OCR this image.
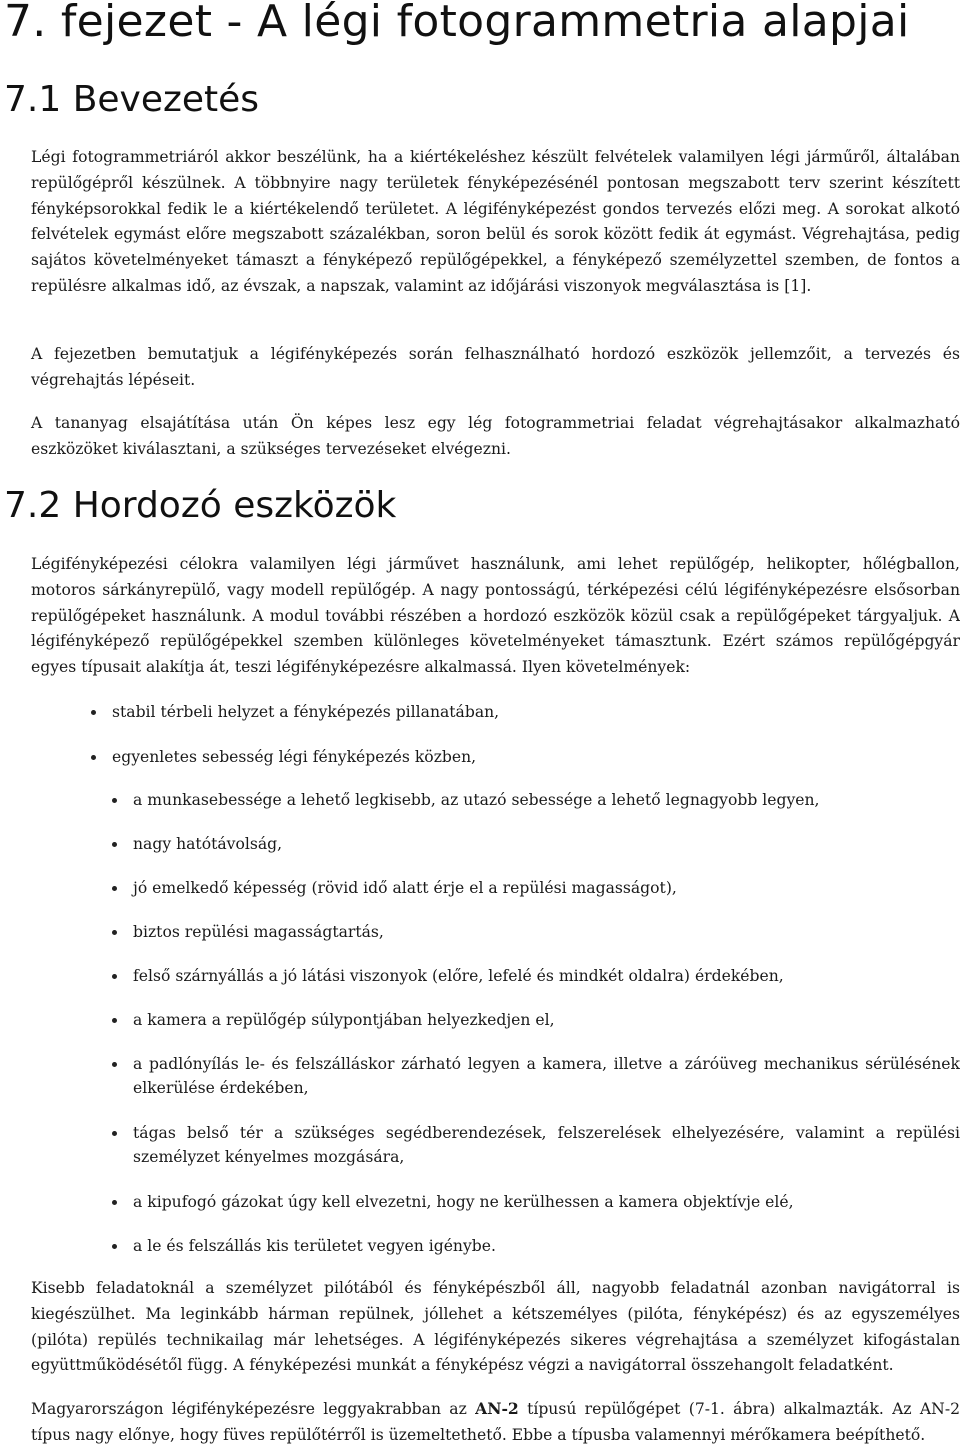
7. fejezet - A légi fotogrammetria alapjai
7.1 Bevezetés

Légi fotogrammetriáról akkor beszélünk, ha a kiértékeléshez készült felvételek valamilyen légi járműről, általában repülőgépről készülnek. A többnyire nagy területek fényképezésénél pontosan megszabott terv szerint készített fényképsorokkal fedik le a kiértékelendő területet. A légifényképezést gondos tervezés előzi meg. A sorokat alkotó felvételek egymást előre megszabott százalékban, soron belül és sorok között fedik át egymást. Végrehajtása, pedig sajátos követelményeket támaszt a fényképező repülőgépekkel, a fényképező személyzettel szemben, de fontos a repülésre alkalmas idő, az évszak, a napszak, valamint az időjárási viszonyok megválasztása is [1].

A fejezetben bemutatjuk a légifényképezés során felhasználható hordozó eszközök jellemzőit, a tervezés és végrehajtás lépéseit.

A tananyag elsajátítása után Ön képes lesz egy lég fotogrammetriai feladat végrehajtásakor alkalmazható eszközöket kiválasztani, a szükséges tervezéseket elvégezni.

7.2 Hordozó eszközök

Légifényképezési célokra valamilyen légi járművet használunk, ami lehet repülőgép, helikopter, hőlégballon, motoros sárkányrepülő, vagy modell repülőgép. A nagy pontosságú, térképezési célú légifényképezésre elsősorban repülőgépeket használunk. A modul további részében a hordozó eszközök közül csak a repülőgépeket tárgyaljuk. A légifényképező repülőgépekkel szemben különleges követelményeket támasztunk. Ezért számos repülőgépgyár egyes típusait alakítja át, teszi légifényképezésre alkalmassá. Ilyen követelmények:

stabil térbeli helyzet a fényképezés pillanatában,
egyenletes sebesség légi fényképezés közben,
a munkasebessége a lehető legkisebb, az utazó sebessége a lehető legnagyobb legyen,
nagy hatótávolság,
jó emelkedő képesség (rövid idő alatt érje el a repülési magasságot),
biztos repülési magasságtartás,
felső szárnyállás a jó látási viszonyok (előre, lefelé és mindkét oldalra) érdekében,
a kamera a repülőgép súlypontjában helyezkedjen el,
a padlónyílás le- és felszálláskor zárható legyen a kamera, illetve a záróüveg mechanikus sérülésének elkerülése érdekében,
tágas belső tér a szükséges segédberendezések, felszerelések elhelyezésére, valamint a repülési személyzet kényelmes mozgására,
a kipufogó gázokat úgy kell elvezetni, hogy ne kerülhessen a kamera objektívje elé,
a le és felszállás kis területet vegyen igénybe.

Kisebb feladatoknál a személyzet pilótából és fényképészből áll, nagyobb feladatnál azonban navigátorral is kiegészülhet. Ma leginkább hárman repülnek, jóllehet a kétszemélyes (pilóta, fényképész) és az egyszemélyes (pilóta) repülés technikailag már lehetséges. A légifényképezés sikeres végrehajtása a személyzet kifogástalan együttműködésétől függ. A fényképezési munkát a fényképész végzi a navigátorral összehangolt feladatként.

Magyarországon légifényképezésre leggyakrabban az AN-2 típusú repülőgépet (7-1. ábra) alkalmazták. Az AN-2 típus nagy előnye, hogy füves repülőtérről is üzemeltethető. Ebbe a típusba valamennyi mérőkamera beépíthető.
